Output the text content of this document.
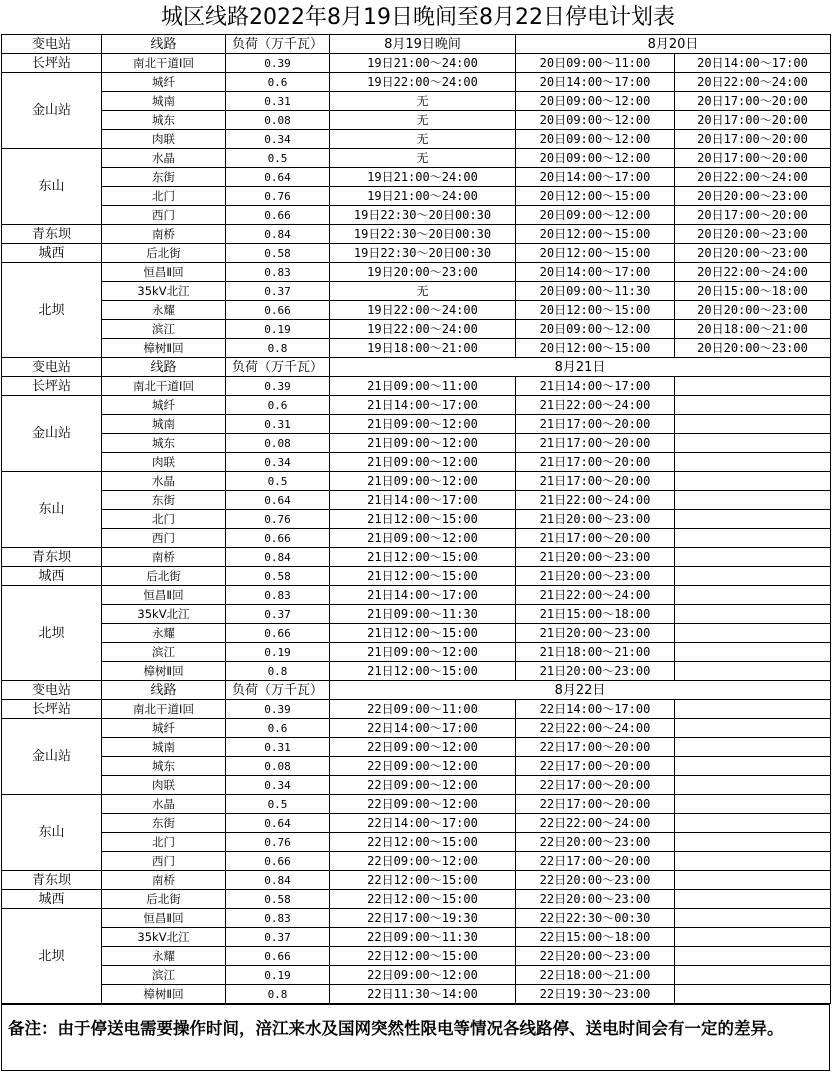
城区线路2022年8月19日晚间至8月22日停电计划表
变电站	线路	负荷（万千瓦）	8月19日晚间	8月20日	
长坪站	南北干道Ⅰ回	0.39	19日21:00～24:00	20日09:00～11:00	20日14:00～17:00
金山站	城纤	0.6	19日22:00～24:00	20日14:00～17:00	20日22:00～24:00
	城南	0.31	无	20日09:00～12:00	20日17:00～20:00
	城东	0.08	无	20日09:00～12:00	20日17:00～20:00
	肉联	0.34	无	20日09:00～12:00	20日17:00～20:00
东山	水晶	0.5	无	20日09:00～12:00	20日17:00～20:00
	东街	0.64	19日21:00～24:00	20日14:00～17:00	20日22:00～24:00
	北门	0.76	19日21:00～24:00	20日12:00～15:00	20日20:00～23:00
	西门	0.66	19日22:30～20日00:30	20日09:00～12:00	20日17:00～20:00
青东坝	南桥	0.84	19日22:30～20日00:30	20日12:00～15:00	20日20:00～23:00
城西	后北街	0.58	19日22:30～20日00:30	20日12:00～15:00	20日20:00～23:00
北坝	恒昌Ⅱ回	0.83	19日20:00～23:00	20日14:00～17:00	20日22:00～24:00
	35kV北江	0.37	无	20日09:00～11:30	20日15:00～18:00
	永耀	0.66	19日22:00～24:00	20日12:00～15:00	20日20:00～23:00
	滨江	0.19	19日22:00～24:00	20日09:00～12:00	20日18:00～21:00
	樟树Ⅱ回	0.8	19日18:00～21:00	20日12:00～15:00	20日20:00～23:00
变电站	线路	负荷（万千瓦）	8月21日		
长坪站	南北干道Ⅰ回	0.39	21日09:00～11:00	21日14:00～17:00	
金山站	城纤	0.6	21日14:00～17:00	21日22:00～24:00	
	城南	0.31	21日09:00～12:00	21日17:00～20:00	
	城东	0.08	21日09:00～12:00	21日17:00～20:00	
	肉联	0.34	21日09:00～12:00	21日17:00～20:00	
东山	水晶	0.5	21日09:00～12:00	21日17:00～20:00	
	东街	0.64	21日14:00～17:00	21日22:00～24:00	
	北门	0.76	21日12:00～15:00	21日20:00～23:00	
	西门	0.66	21日09:00～12:00	21日17:00～20:00	
青东坝	南桥	0.84	21日12:00～15:00	21日20:00～23:00	
城西	后北街	0.58	21日12:00～15:00	21日20:00～23:00	
北坝	恒昌Ⅱ回	0.83	21日14:00～17:00	21日22:00～24:00	
	35kV北江	0.37	21日09:00～11:30	21日15:00～18:00	
	永耀	0.66	21日12:00～15:00	21日20:00～23:00	
	滨江	0.19	21日09:00～12:00	21日18:00～21:00	
	樟树Ⅱ回	0.8	21日12:00～15:00	21日20:00～23:00	
变电站	线路	负荷（万千瓦）	8月22日		
长坪站	南北干道Ⅰ回	0.39	22日09:00～11:00	22日14:00～17:00	
金山站	城纤	0.6	22日14:00～17:00	22日22:00～24:00	
	城南	0.31	22日09:00～12:00	22日17:00～20:00	
	城东	0.08	22日09:00～12:00	22日17:00～20:00	
	肉联	0.34	22日09:00～12:00	22日17:00～20:00	
东山	水晶	0.5	22日09:00～12:00	22日17:00～20:00	
	东街	0.64	22日14:00～17:00	22日22:00～24:00	
	北门	0.76	22日12:00～15:00	22日20:00～23:00	
	西门	0.66	22日09:00～12:00	22日17:00～20:00	
青东坝	南桥	0.84	22日12:00～15:00	22日20:00～23:00	
城西	后北街	0.58	22日12:00～15:00	22日20:00～23:00	
北坝	恒昌Ⅱ回	0.83	22日17:00～19:30	22日22:30～00:30	
	35kV北江	0.37	22日09:00～11:30	22日15:00～18:00	
	永耀	0.66	22日12:00～15:00	22日20:00～23:00	
	滨江	0.19	22日09:00～12:00	22日18:00～21:00	
	樟树Ⅱ回	0.8	22日11:30～14:00	22日19:30～23:00	
备注：由于停送电需要操作时间，涪江来水及国网突然性限电等情况各线路停、送电时间会有一定的差异。
